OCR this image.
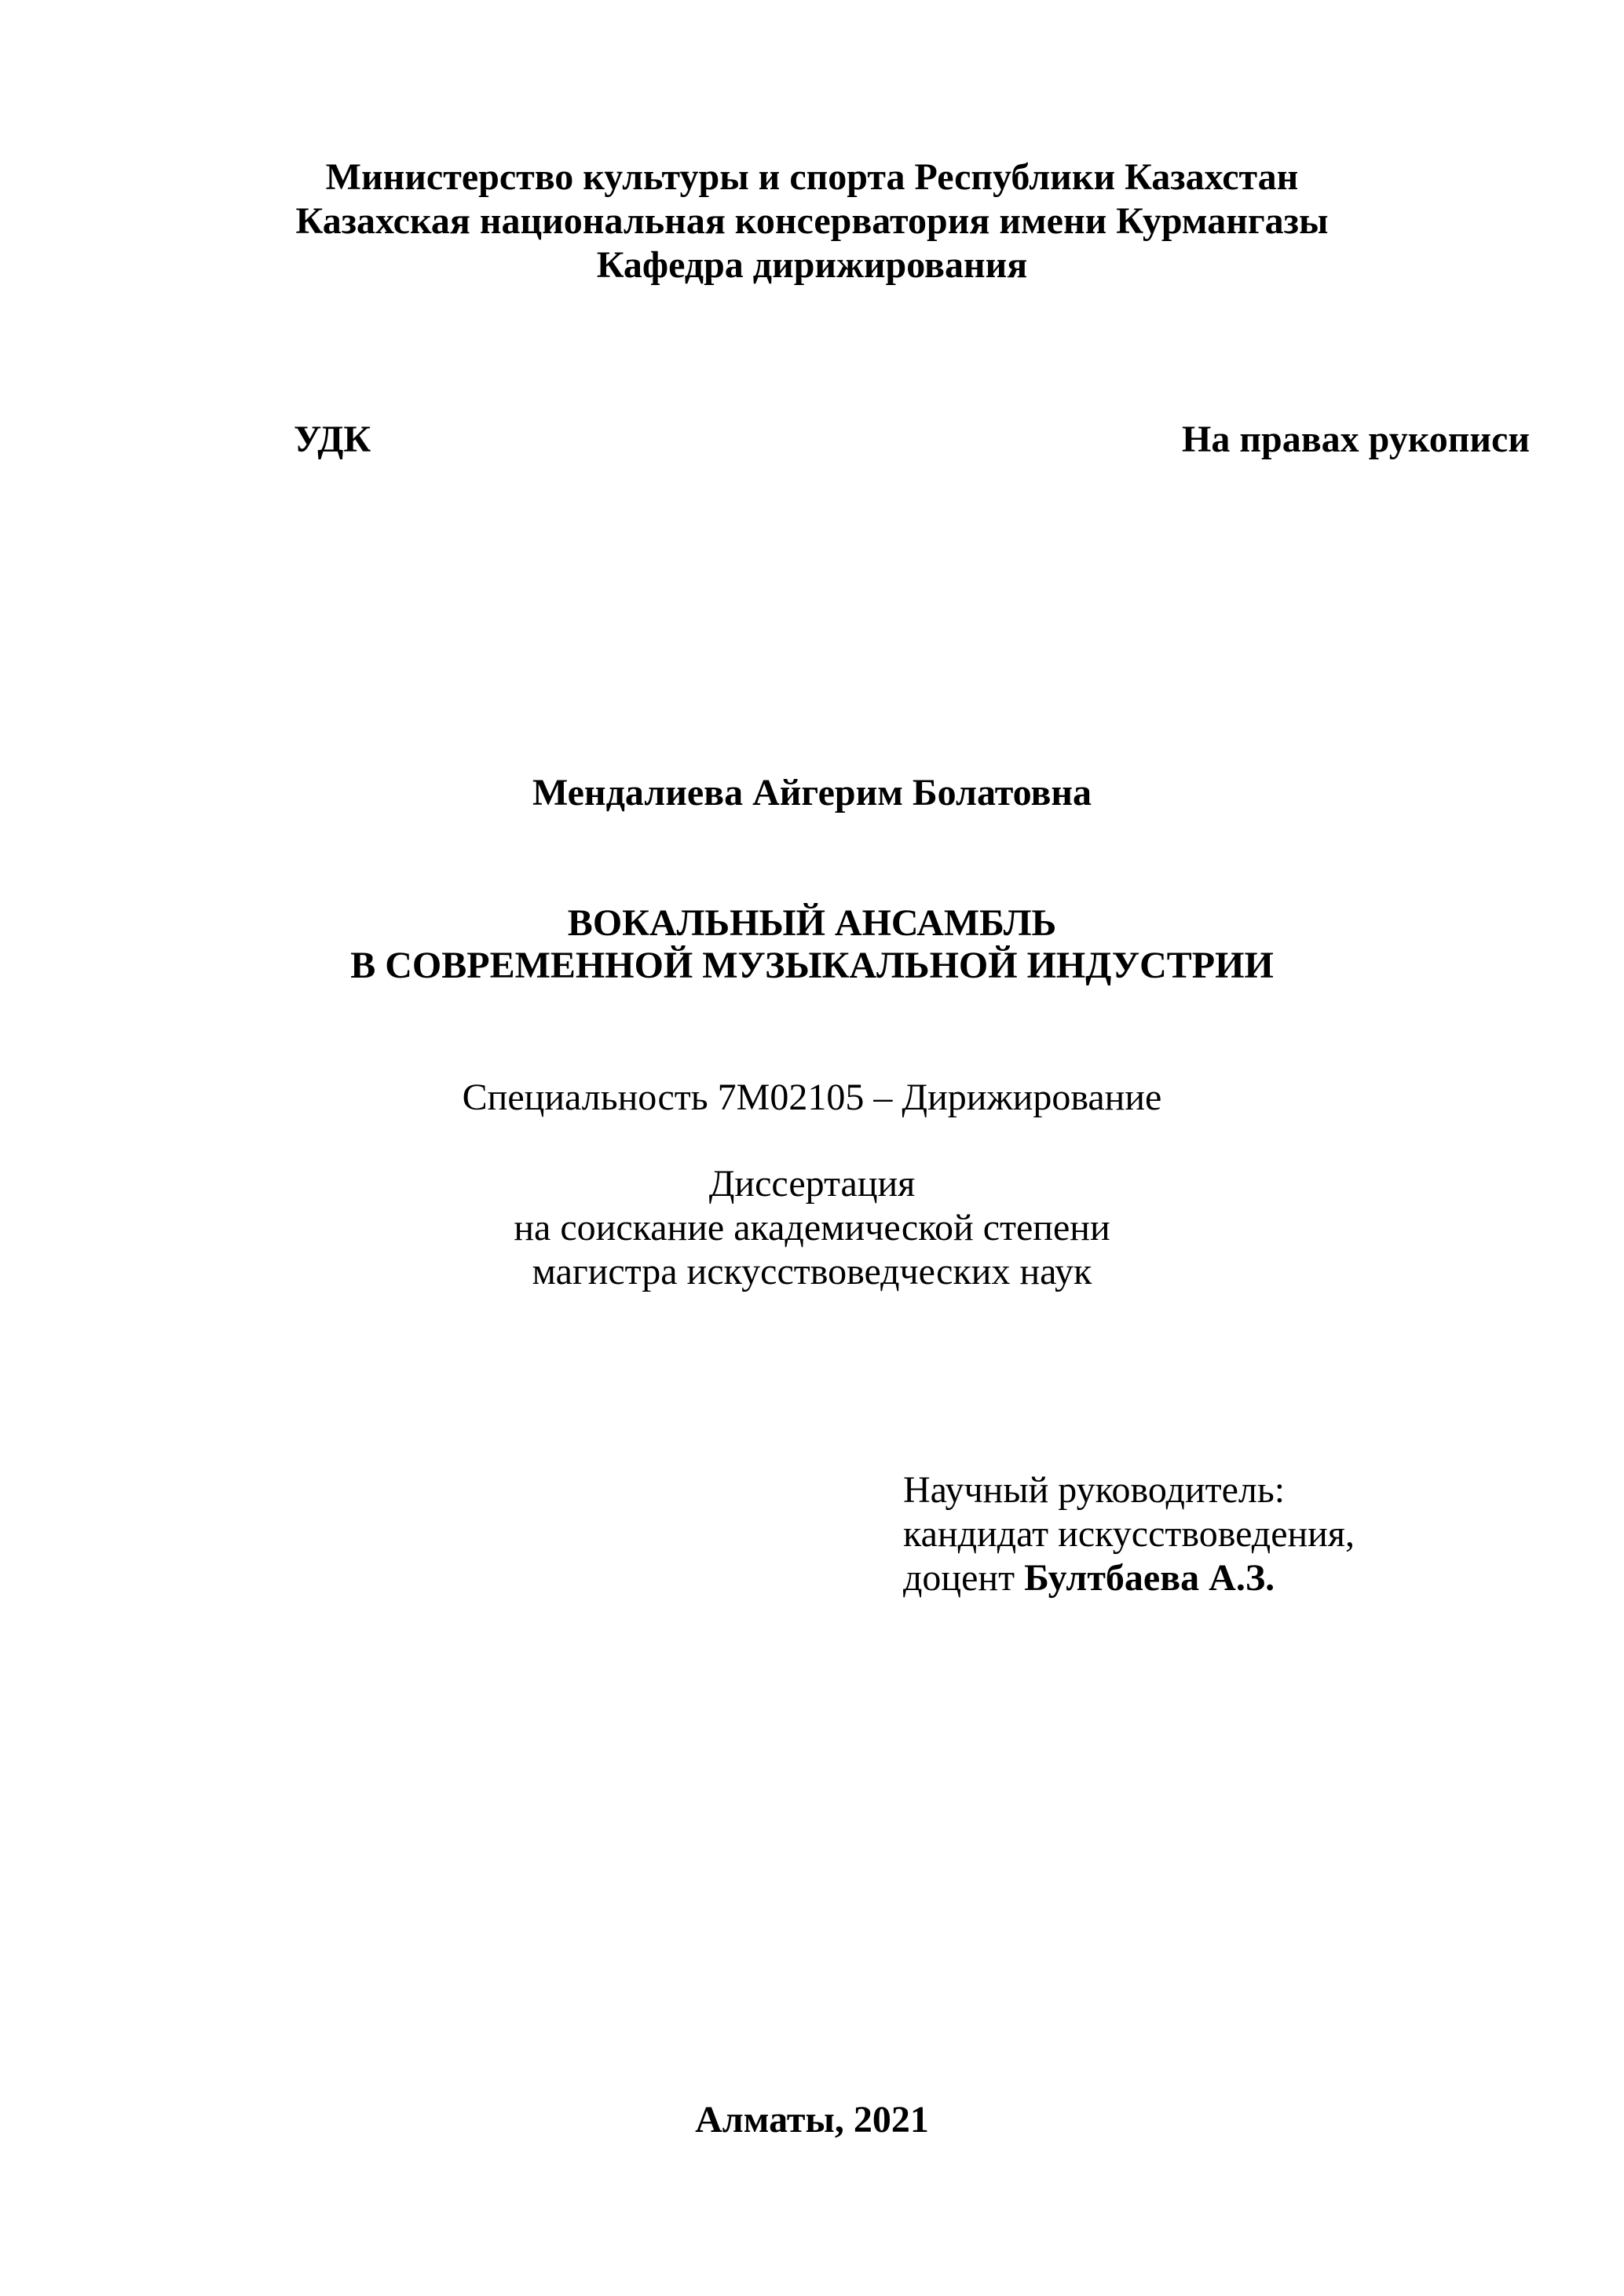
Министерство культуры и спорта Республики Казахстан
Казахская национальная консерватория имени Курмангазы
Кафедра дирижирования
УДК	На правах рукописи
Мендалиева Айгерим Болатовна
ВОКАЛЬНЫЙ АНСАМБЛЬ
В СОВРЕМЕННОЙ МУЗЫКАЛЬНОЙ ИНДУСТРИИ
Специальность 7М02105 – Дирижирование
Диссертация
на соискание академической степени
магистра искусствоведческих наук
Научный руководитель:
кандидат искусствоведения,
доцент Бултбаева А.З.
Алматы, 2021
